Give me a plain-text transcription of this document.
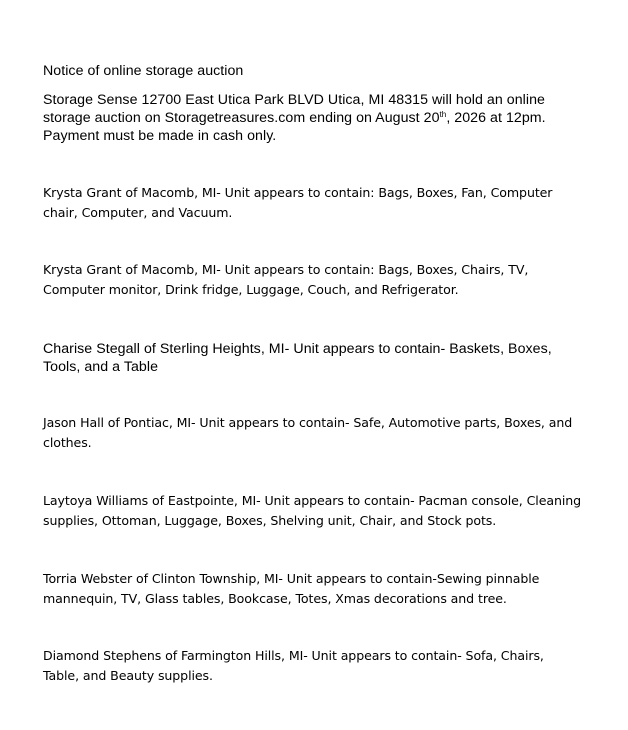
Notice of online storage auction
Storage Sense 12700 East Utica Park BLVD Utica, MI 48315 will hold an online storage auction on Storagetreasures.com ending on August 20th, 2026 at 12pm. Payment must be made in cash only.

Krysta Grant of Macomb, MI- Unit appears to contain: Bags, Boxes, Fan, Computer chair, Computer, and Vacuum.

Krysta Grant of Macomb, MI- Unit appears to contain: Bags, Boxes, Chairs, TV, Computer monitor, Drink fridge, Luggage, Couch, and Refrigerator.

Charise Stegall of Sterling Heights, MI- Unit appears to contain- Baskets, Boxes, Tools, and a Table

Jason Hall of Pontiac, MI- Unit appears to contain- Safe, Automotive parts, Boxes, and clothes.

Laytoya Williams of Eastpointe, MI- Unit appears to contain- Pacman console, Cleaning supplies, Ottoman, Luggage, Boxes, Shelving unit, Chair, and Stock pots.

Torria Webster of Clinton Township, MI- Unit appears to contain-Sewing pinnable mannequin, TV, Glass tables, Bookcase, Totes, Xmas decorations and tree.

Diamond Stephens of Farmington Hills, MI- Unit appears to contain- Sofa, Chairs, Table, and Beauty supplies.
